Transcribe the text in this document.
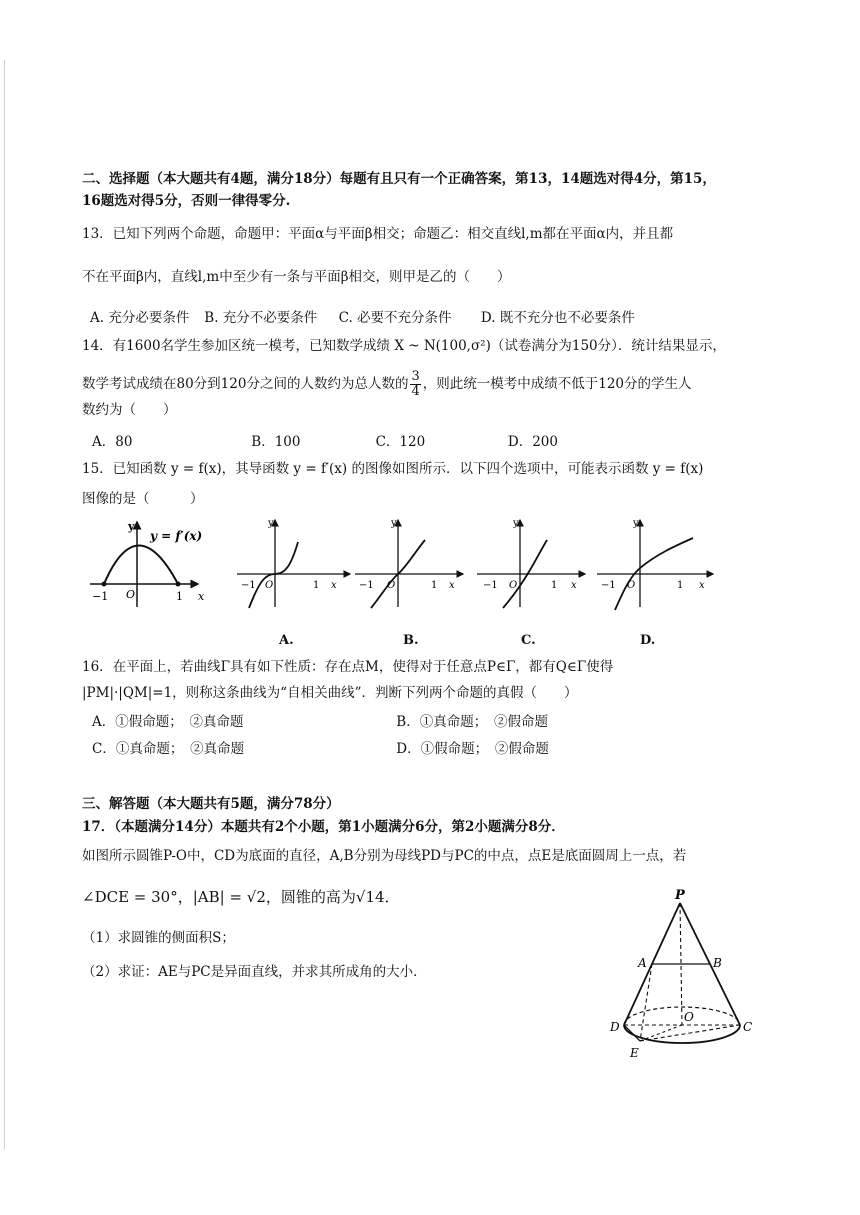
二、选择题（本大题共有4题，满分18分）每题有且只有一个正确答案，第13，14题选对得4分，第15，
16题选对得5分，否则一律得零分.
13．已知下列两个命题，命题甲：平面α与平面β相交；命题乙：相交直线l,m都在平面α内，并且都
不在平面β内，直线l,m中至少有一条与平面β相交，则甲是乙的（　　）
A. 充分必要条件 B. 充分不必要条件 C. 必要不充分条件 D. 既不充分也不必要条件
14．有1600名学生参加区统一模考，已知数学成绩 X ~ N(100,σ²)（试卷满分为150分）．统计结果显示，
数学考试成绩在80分到120分之间的人数约为总人数的 $\frac{3}{4}$ ，则此统一模考中成绩不低于120分的学生人
数约为（　　）
A．80	B．100	C．120	D．200
15．已知函数 y = f(x)，其导函数 y = f′(x) 的图像如图所示．以下四个选项中，可能表示函数 y = f(x)
图像的是（　　　）
y
y = f′(x)
−1 O	1 x
y
−1 O	1 x
y
−1 O	1 x
y
−1 O	1 x
y
−1 O	1 x
A.	B.	C.	D.
16．在平面上，若曲线Γ具有如下性质：存在点M，使得对于任意点P∈Γ，都有Q∈Γ使得
|PM|·|QM|=1，则称这条曲线为“自相关曲线”．判断下列两个命题的真假（　　）
A．①假命题；　②真命题	B．①真命题；　②假命题
C．①真命题；　②真命题	D．①假命题；　②假命题
三、解答题（本大题共有5题，满分78分）
17．（本题满分14分）本题共有2个小题，第1小题满分6分，第2小题满分8分．
如图所示圆锥P-O中，CD为底面的直径，A,B分别为母线PD与PC的中点，点E是底面圆周上一点，若
∠DCE = 30°，|AB| = √2，圆锥的高为√14．
（1）求圆锥的侧面积S；
（2）求证：AE与PC是异面直线，并求其所成角的大小．
P
A	B
D
O
C
E
